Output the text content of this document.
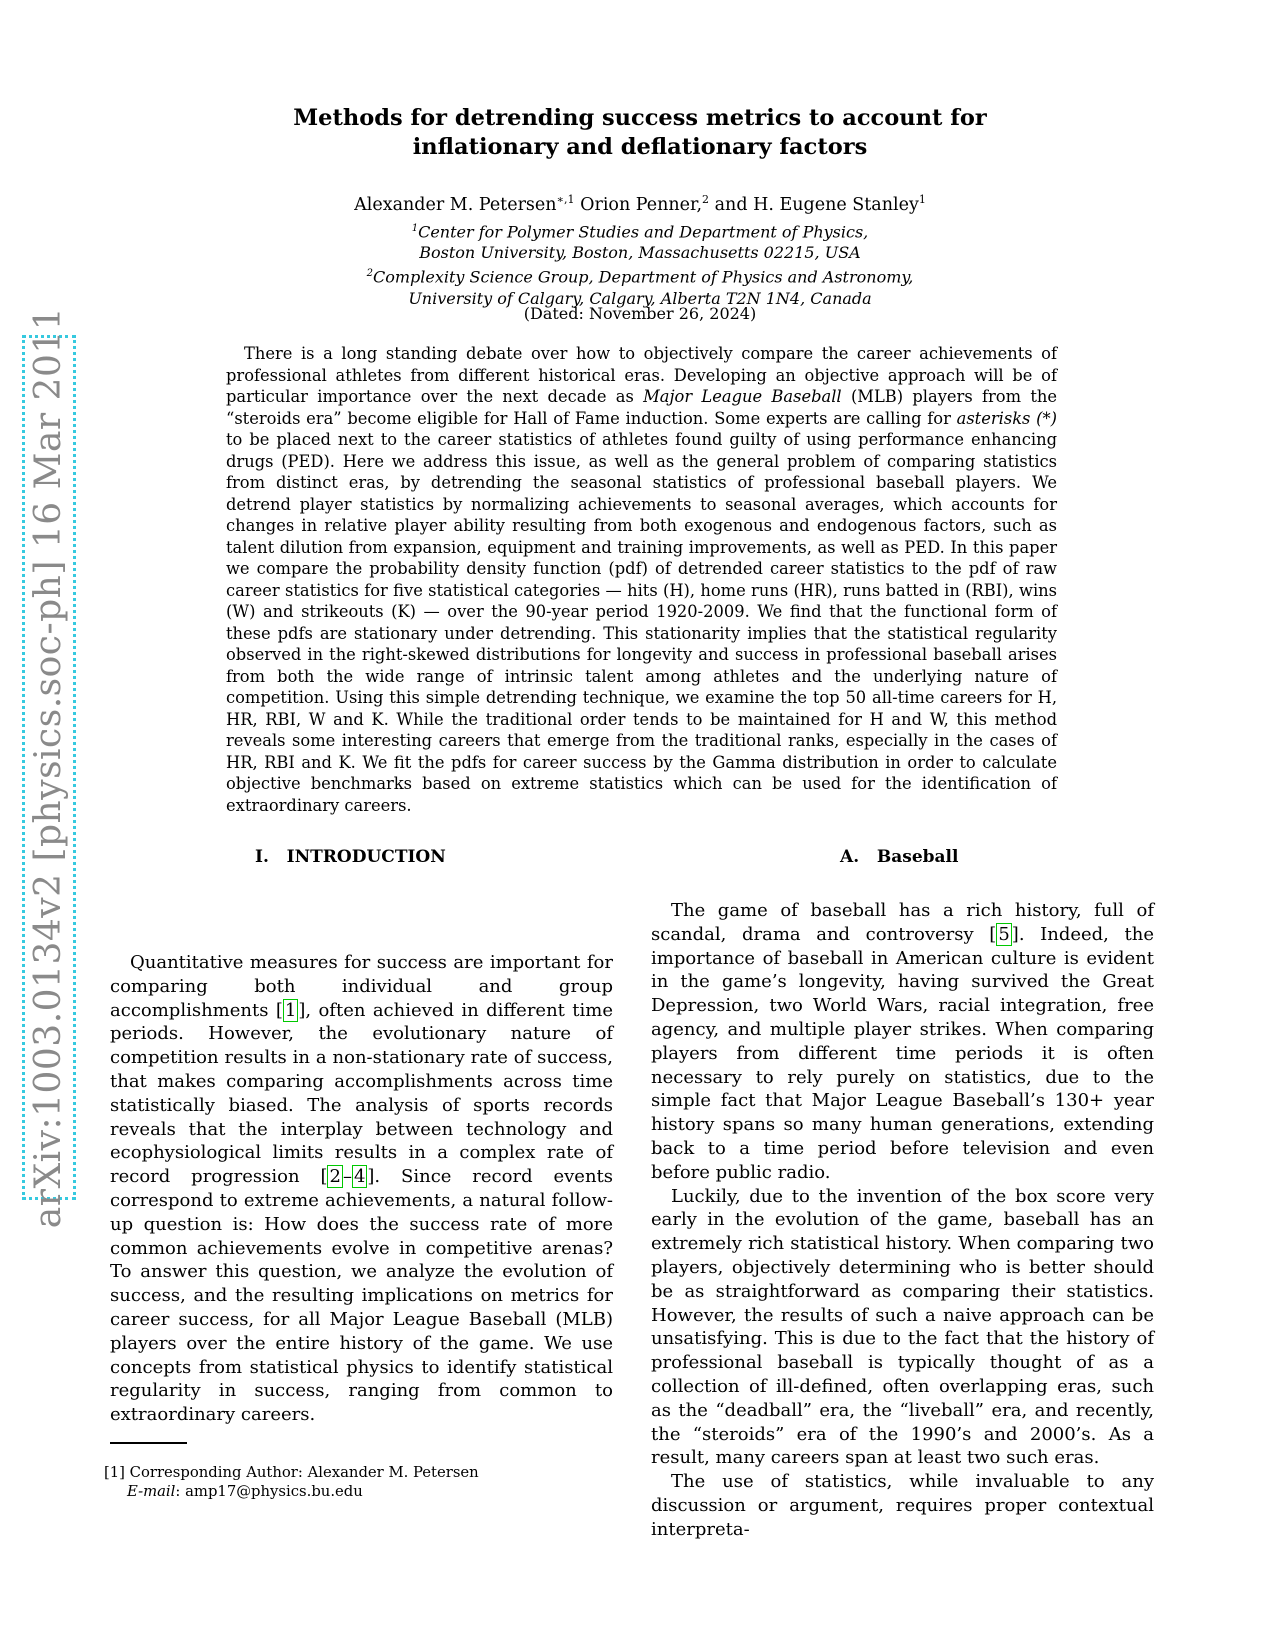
arXiv:1003.0134v2 [physics.soc-ph] 16 Mar 2011
Methods for detrending success metrics to account for
inflationary and deflationary factors
Alexander M. Petersen$^{∗,1}$ Orion Penner,$^2$ and H. Eugene Stanley$^1$
$^1$Center for Polymer Studies and Department of Physics,
Boston University, Boston, Massachusetts 02215, USA
$^2$Complexity Science Group, Department of Physics and Astronomy,
University of Calgary, Calgary, Alberta T2N 1N4, Canada
(Dated: November 26, 2024)

There is a long standing debate over how to objectively compare the career achievements of professional athletes from different historical eras. Developing an objective approach will be of particular importance over the next decade as Major League Baseball (MLB) players from the “steroids era” become eligible for Hall of Fame induction. Some experts are calling for asterisks (*) to be placed next to the career statistics of athletes found guilty of using performance enhancing drugs (PED). Here we address this issue, as well as the general problem of comparing statistics from distinct eras, by detrending the seasonal statistics of professional baseball players. We detrend player statistics by normalizing achievements to seasonal averages, which accounts for changes in relative player ability resulting from both exogenous and endogenous factors, such as talent dilution from expansion, equipment and training improvements, as well as PED. In this paper we compare the probability density function (pdf) of detrended career statistics to the pdf of raw career statistics for five statistical categories — hits (H), home runs (HR), runs batted in (RBI), wins (W) and strikeouts (K) — over the 90-year period 1920-2009. We find that the functional form of these pdfs are stationary under detrending. This stationarity implies that the statistical regularity observed in the right-skewed distributions for longevity and success in professional baseball arises from both the wide range of intrinsic talent among athletes and the underlying nature of competition. Using this simple detrending technique, we examine the top 50 all-time careers for H, HR, RBI, W and K. While the traditional order tends to be maintained for H and W, this method reveals some interesting careers that emerge from the traditional ranks, especially in the cases of HR, RBI and K. We fit the pdfs for career success by the Gamma distribution in order to calculate objective benchmarks based on extreme statistics which can be used for the identification of extraordinary careers.

I. INTRODUCTION	A. Baseball

Quantitative measures for success are important for comparing both individual and group accomplishments [ 1 ], often achieved in different time periods. However, the evolutionary nature of competition results in a non-stationary rate of success, that makes comparing accomplishments across time statistically biased. The analysis of sports records reveals that the interplay between technology and ecophysiological limits results in a complex rate of record progression [ 2 – 4 ]. Since record events correspond to extreme achievements, a natural follow-up question is: How does the success rate of more common achievements evolve in competitive arenas? To answer this question, we analyze the evolution of success, and the resulting implications on metrics for career success, for all Major League Baseball (MLB) players over the entire history of the game. We use concepts from statistical physics to identify statistical regularity in success, ranging from common to extraordinary careers.

The game of baseball has a rich history, full of scandal, drama and controversy [ 5 ]. Indeed, the importance of baseball in American culture is evident in the game’s longevity, having survived the Great Depression, two World Wars, racial integration, free agency, and multiple player strikes. When comparing players from different time periods it is often necessary to rely purely on statistics, due to the simple fact that Major League Baseball’s 130+ year history spans so many human generations, extending back to a time period before television and even before public radio.

Luckily, due to the invention of the box score very early in the evolution of the game, baseball has an extremely rich statistical history. When comparing two players, objectively determining who is better should be as straightforward as comparing their statistics. However, the results of such a naive approach can be unsatisfying. This is due to the fact that the history of professional baseball is typically thought of as a collection of ill-defined, often overlapping eras, such as the “deadball” era, the “liveball” era, and recently, the “steroids” era of the 1990’s and 2000’s. As a result, many careers span at least two such eras.

The use of statistics, while invaluable to any discussion or argument, requires proper contextual interpreta-

[1] Corresponding Author: Alexander M. Petersen
E-mail: amp17@physics.bu.edu
